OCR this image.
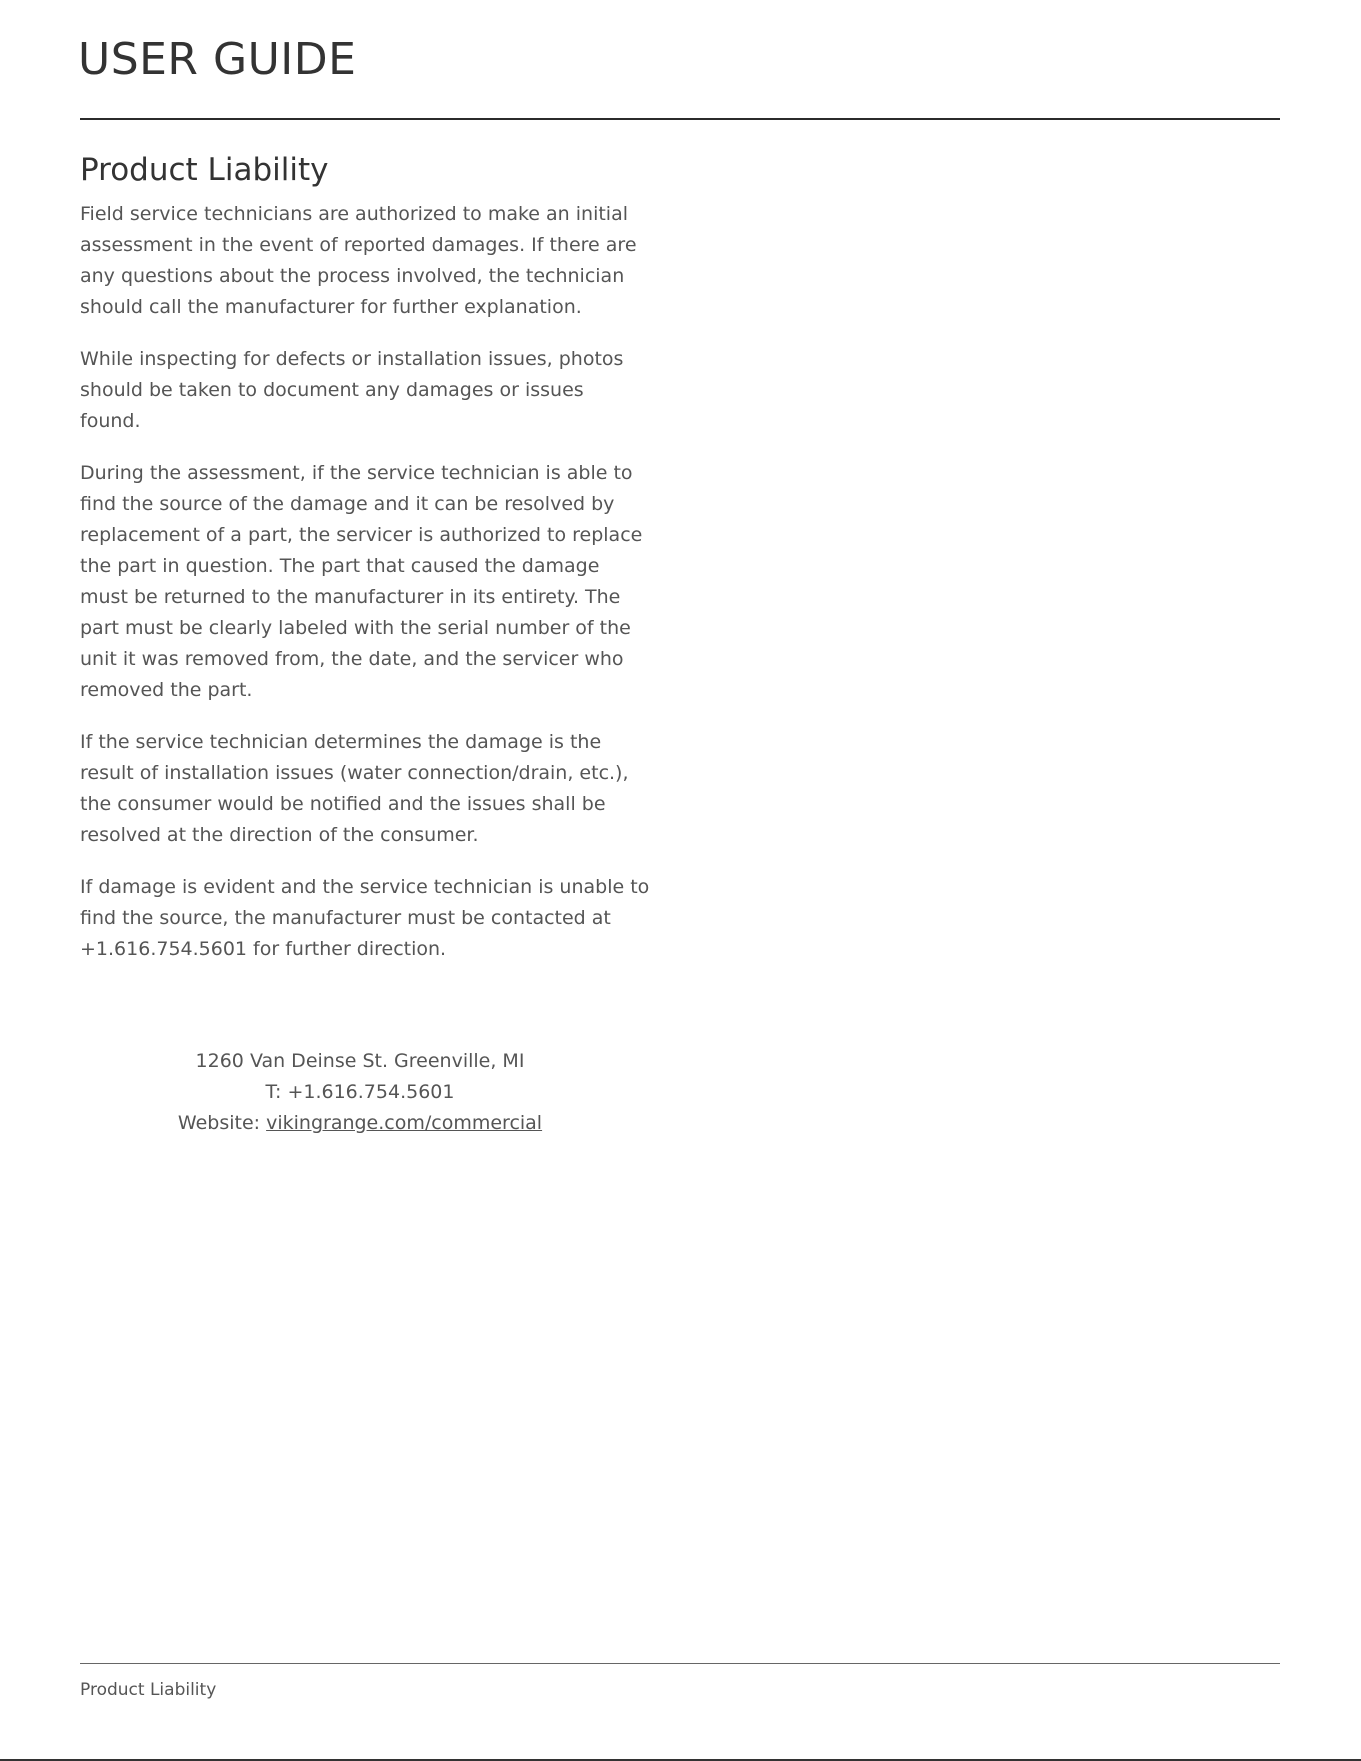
USER GUIDE
Product Liability

Field service technicians are authorized to make an initial assessment in the event of reported damages. If there are any questions about the process involved, the technician should call the manufacturer for further explanation.

While inspecting for defects or installation issues, photos should be taken to document any damages or issues found.

During the assessment, if the service technician is able to find the source of the damage and it can be resolved by replacement of a part, the servicer is authorized to replace the part in question. The part that caused the damage must be returned to the manufacturer in its entirety. The part must be clearly labeled with the serial number of the unit it was removed from, the date, and the servicer who removed the part.

If the service technician determines the damage is the result of installation issues (water connection/drain, etc.), the consumer would be notified and the issues shall be resolved at the direction of the consumer.

If damage is evident and the service technician is unable to find the source, the manufacturer must be contacted at +1.616.754.5601 for further direction.

1260 Van Deinse St. Greenville, MI
T: +1.616.754.5601
Website: vikingrange.com/commercial
Product Liability
